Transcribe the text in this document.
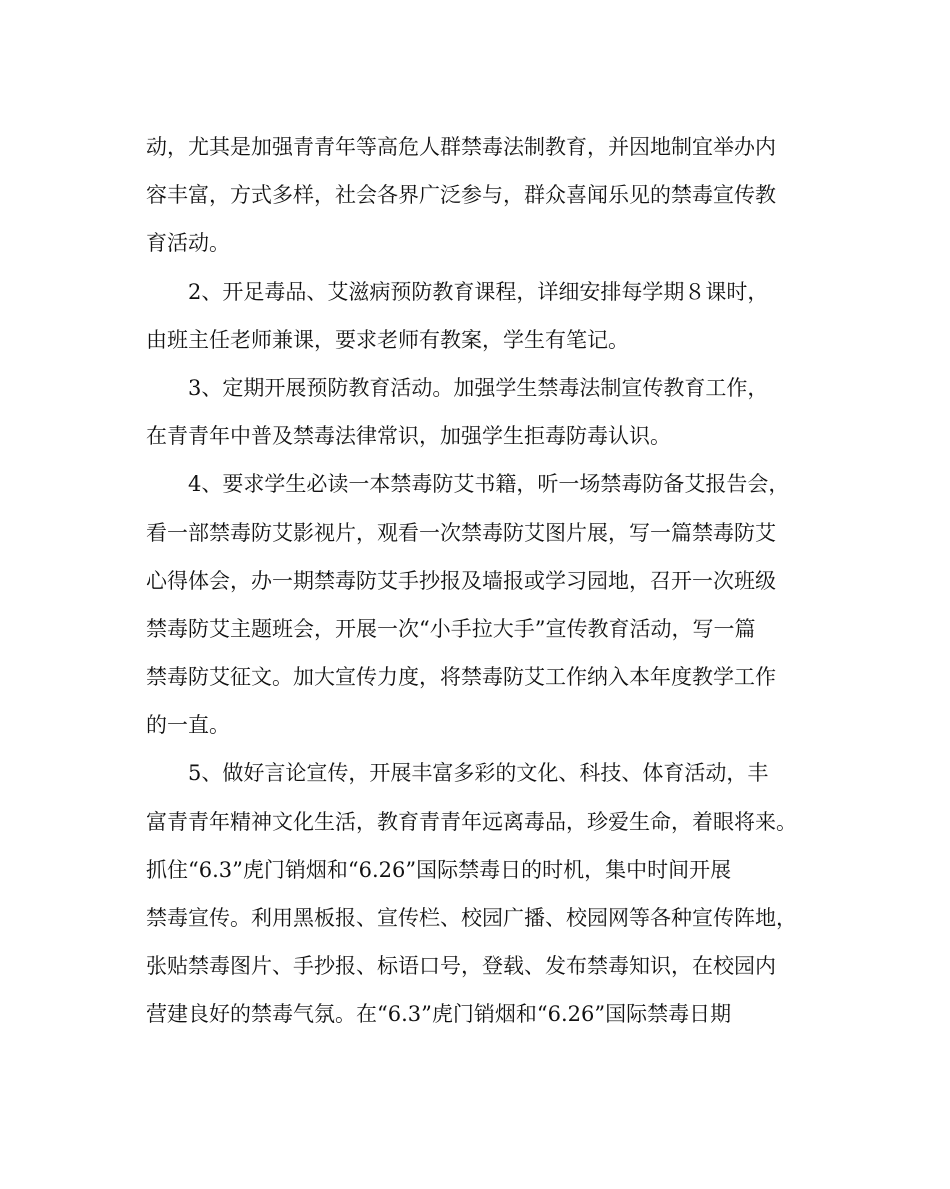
动，尤其是加强青青年等高危人群禁毒法制教育，并因地制宜举办内
容丰富，方式多样，社会各界广泛参与，群众喜闻乐见的禁毒宣传教
育活动。
2、开足毒品、艾滋病预防教育课程，详细安排每学期８课时，
由班主任老师兼课，要求老师有教案，学生有笔记。
3、定期开展预防教育活动。加强学生禁毒法制宣传教育工作，
在青青年中普及禁毒法律常识，加强学生拒毒防毒认识。
4、要求学生必读一本禁毒防艾书籍，听一场禁毒防备艾报告会，
看一部禁毒防艾影视片，观看一次禁毒防艾图片展，写一篇禁毒防艾
心得体会，办一期禁毒防艾手抄报及墙报或学习园地，召开一次班级
禁毒防艾主题班会，开展一次“小手拉大手”宣传教育活动，写一篇
禁毒防艾征文。加大宣传力度，将禁毒防艾工作纳入本年度教学工作
的一直。
5、做好言论宣传，开展丰富多彩的文化、科技、体育活动，丰
富青青年精神文化生活，教育青青年远离毒品，珍爱生命，着眼将来。
抓住“6.3”虎门销烟和“6.26”国际禁毒日的时机，集中时间开展
禁毒宣传。利用黑板报、宣传栏、校园广播、校园网等各种宣传阵地，
张贴禁毒图片、手抄报、标语口号，登载、发布禁毒知识，在校园内
营建良好的禁毒气氛。在“6.3”虎门销烟和“6.26”国际禁毒日期
